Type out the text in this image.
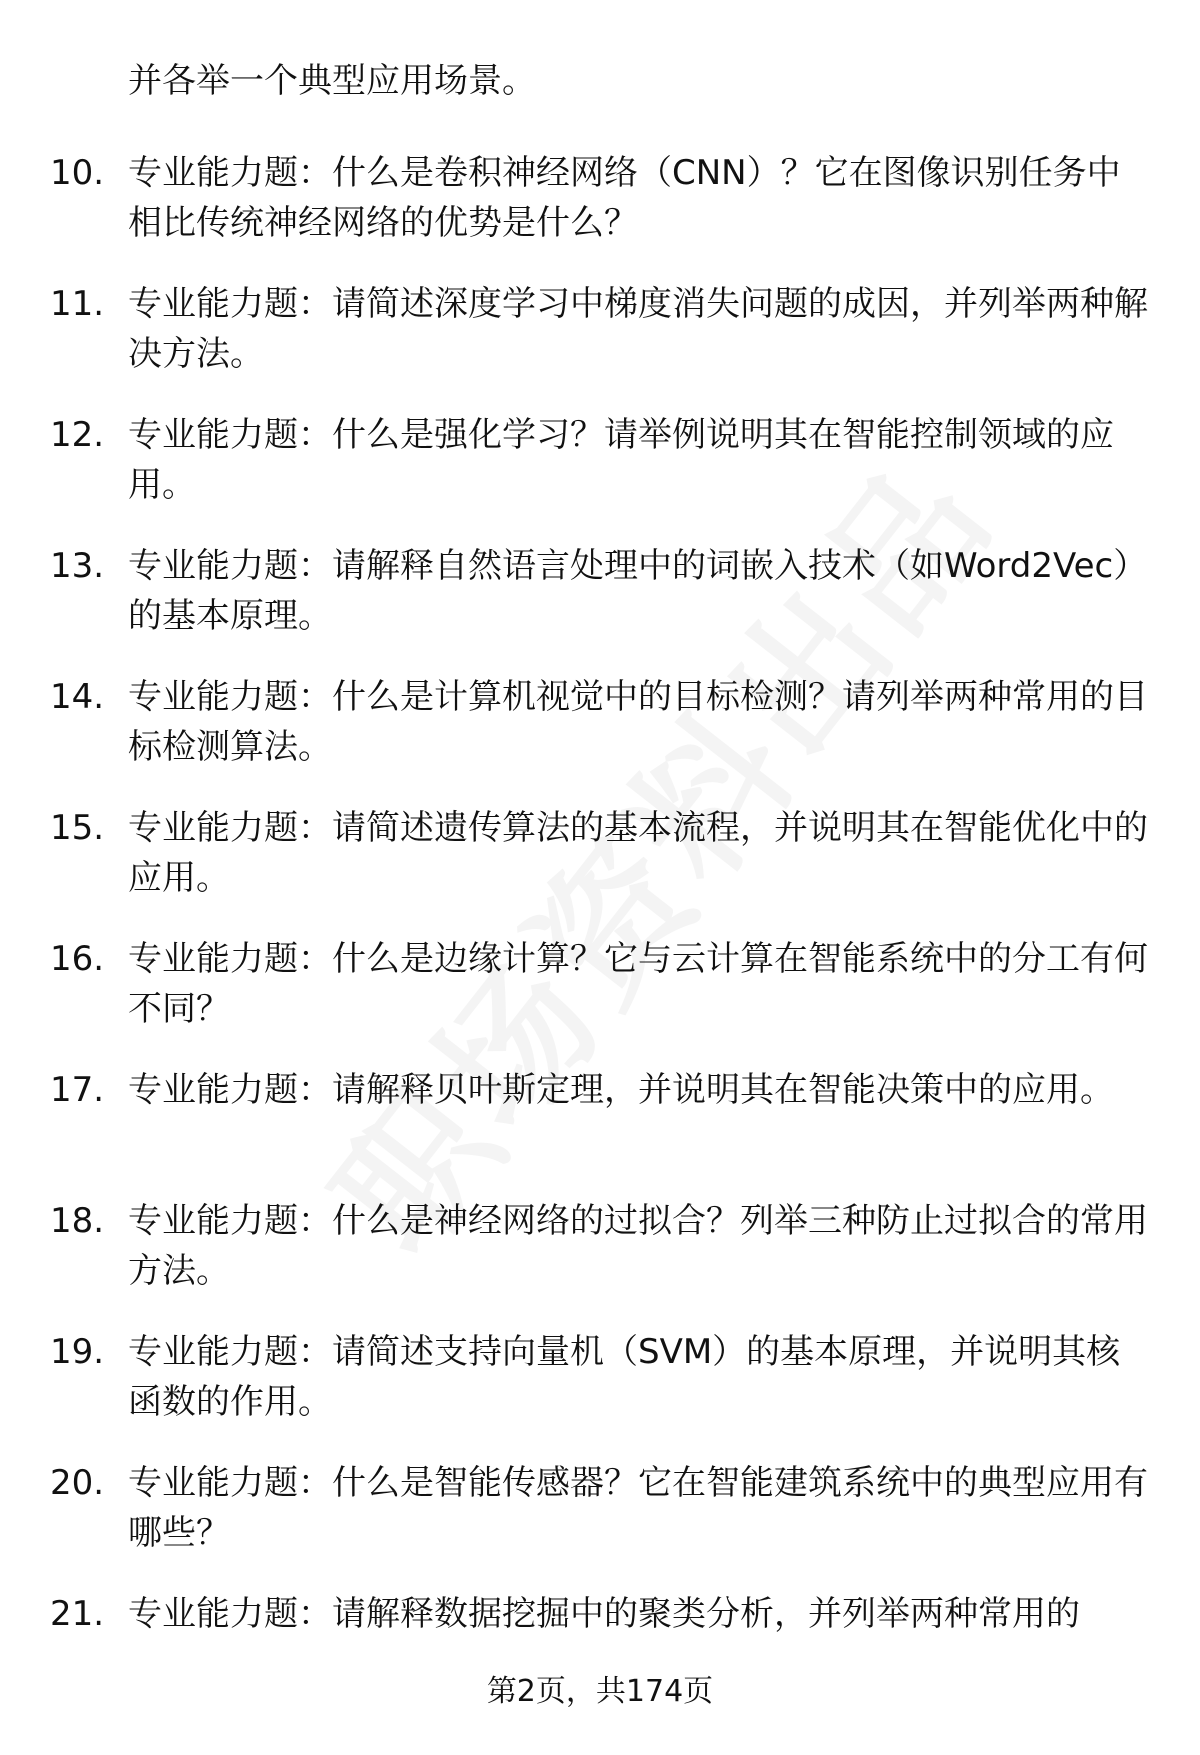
并各举一个典型应用场景。
10. 专业能力题：什么是卷积神经网络（CNN）？它在图像识别任务中相比传统神经网络的优势是什么？
11. 专业能力题：请简述深度学习中梯度消失问题的成因，并列举两种解决方法。
12. 专业能力题：什么是强化学习？请举例说明其在智能控制领域的应用。
13. 专业能力题：请解释自然语言处理中的词嵌入技术（如Word2Vec）的基本原理。
14. 专业能力题：什么是计算机视觉中的目标检测？请列举两种常用的目标检测算法。
15. 专业能力题：请简述遗传算法的基本流程，并说明其在智能优化中的应用。
16. 专业能力题：什么是边缘计算？它与云计算在智能系统中的分工有何不同？
17. 专业能力题：请解释贝叶斯定理，并说明其在智能决策中的应用。
18. 专业能力题：什么是神经网络的过拟合？列举三种防止过拟合的常用方法。
19. 专业能力题：请简述支持向量机（SVM）的基本原理，并说明其核函数的作用。
20. 专业能力题：什么是智能传感器？它在智能建筑系统中的典型应用有哪些？
21. 专业能力题：请解释数据挖掘中的聚类分析，并列举两种常用的
第2页，共174页
